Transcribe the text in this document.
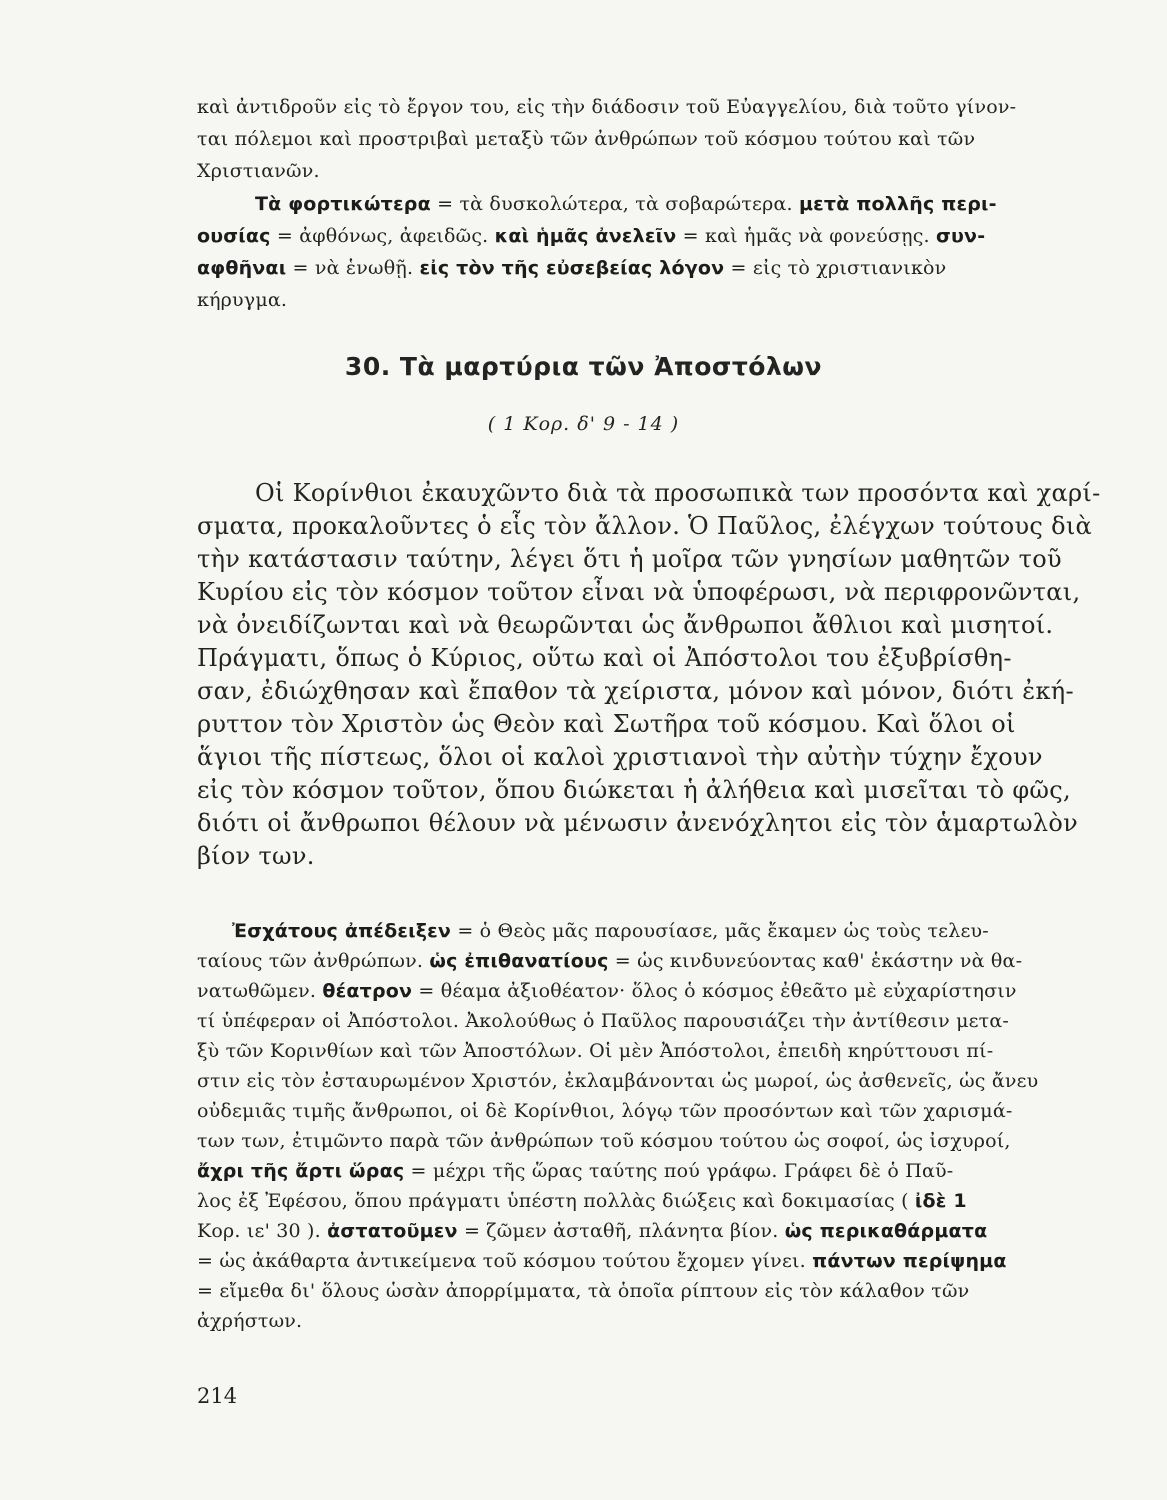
καὶ ἀντιδροῦν εἰς τὸ ἔργον του, εἰς τὴν διάδοσιν τοῦ Εὐαγγελίου, διὰ τοῦτο γίνον-

ται πόλεμοι καὶ προστριβαὶ μεταξὺ τῶν ἀνθρώπων τοῦ κόσμου τούτου καὶ τῶν

Χριστιανῶν.

Τὰ φορτικώτερα = τὰ δυσκολώτερα, τὰ σοβαρώτερα. μετὰ πολλῆς περι-

ουσίας = ἀφθόνως, ἀφειδῶς. καὶ ἡμᾶς ἀνελεῖν = καὶ ἡμᾶς νὰ φονεύσῃς. συν-

αφθῆναι = νὰ ἑνωθῇ. εἰς τὸν τῆς εὐσεβείας λόγον = εἰς τὸ χριστιανικὸν

κήρυγμα.

30. Τὰ μαρτύρια τῶν Ἀποστόλων

( 1 Κορ. δ' 9 - 14 )

Οἱ Κορίνθιοι ἐκαυχῶντο διὰ τὰ προσωπικὰ των προσόντα καὶ χαρί-

σματα, προκαλοῦντες ὁ εἷς τὸν ἄλλον. Ὁ Παῦλος, ἐλέγχων τούτους διὰ

τὴν κατάστασιν ταύτην, λέγει ὅτι ἡ μοῖρα τῶν γνησίων μαθητῶν τοῦ

Κυρίου εἰς τὸν κόσμον τοῦτον εἶναι νὰ ὑποφέρωσι, νὰ περιφρονῶνται,

νὰ ὀνειδίζωνται καὶ νὰ θεωρῶνται ὡς ἄνθρωποι ἄθλιοι καὶ μισητοί.

Πράγματι, ὅπως ὁ Κύριος, οὕτω καὶ οἱ Ἀπόστολοι του ἐξυβρίσθη-

σαν, ἐδιώχθησαν καὶ ἔπαθον τὰ χείριστα, μόνον καὶ μόνον, διότι ἐκή-

ρυττον τὸν Χριστὸν ὡς Θεὸν καὶ Σωτῆρα τοῦ κόσμου. Καὶ ὅλοι οἱ

ἅγιοι τῆς πίστεως, ὅλοι οἱ καλοὶ χριστιανοὶ τὴν αὐτὴν τύχην ἔχουν

εἰς τὸν κόσμον τοῦτον, ὅπου διώκεται ἡ ἀλήθεια καὶ μισεῖται τὸ φῶς,

διότι οἱ ἄνθρωποι θέλουν νὰ μένωσιν ἀνενόχλητοι εἰς τὸν ἁμαρτωλὸν

βίον των.

Ἐσχάτους ἀπέδειξεν = ὁ Θεὸς μᾶς παρουσίασε, μᾶς ἔκαμεν ὡς τοὺς τελευ-

ταίους τῶν ἀνθρώπων. ὡς ἐπιθανατίους = ὡς κινδυνεύοντας καθ' ἑκάστην νὰ θα-

νατωθῶμεν. θέατρον = θέαμα ἀξιοθέατον· ὅλος ὁ κόσμος ἐθεᾶτο μὲ εὐχαρίστησιν

τί ὑπέφεραν οἱ Ἀπόστολοι. Ἀκολούθως ὁ Παῦλος παρουσιάζει τὴν ἀντίθεσιν μετα-

ξὺ τῶν Κορινθίων καὶ τῶν Ἀποστόλων. Οἱ μὲν Ἀπόστολοι, ἐπειδὴ κηρύττουσι πί-

στιν εἰς τὸν ἐσταυρωμένον Χριστόν, ἐκλαμβάνονται ὡς μωροί, ὡς ἀσθενεῖς, ὡς ἄνευ

οὐδεμιᾶς τιμῆς ἄνθρωποι, οἱ δὲ Κορίνθιοι, λόγῳ τῶν προσόντων καὶ τῶν χαρισμά-

των των, ἐτιμῶντο παρὰ τῶν ἀνθρώπων τοῦ κόσμου τούτου ὡς σοφοί, ὡς ἰσχυροί,

ἄχρι τῆς ἄρτι ὥρας = μέχρι τῆς ὥρας ταύτης πού γράφω. Γράφει δὲ ὁ Παῦ-

λος ἐξ Ἐφέσου, ὅπου πράγματι ὑπέστη πολλὰς διώξεις καὶ δοκιμασίας ( ἰδὲ 1

Κορ. ιε' 30 ). ἀστατοῦμεν = ζῶμεν ἀσταθῆ, πλάνητα βίον. ὡς περικαθάρματα

= ὡς ἀκάθαρτα ἀντικείμενα τοῦ κόσμου τούτου ἔχομεν γίνει. πάντων περίψημα

= εἴμεθα δι' ὅλους ὡσὰν ἀπορρίμματα, τὰ ὁποῖα ρίπτουν εἰς τὸν κάλαθον τῶν

ἀχρήστων.

214
